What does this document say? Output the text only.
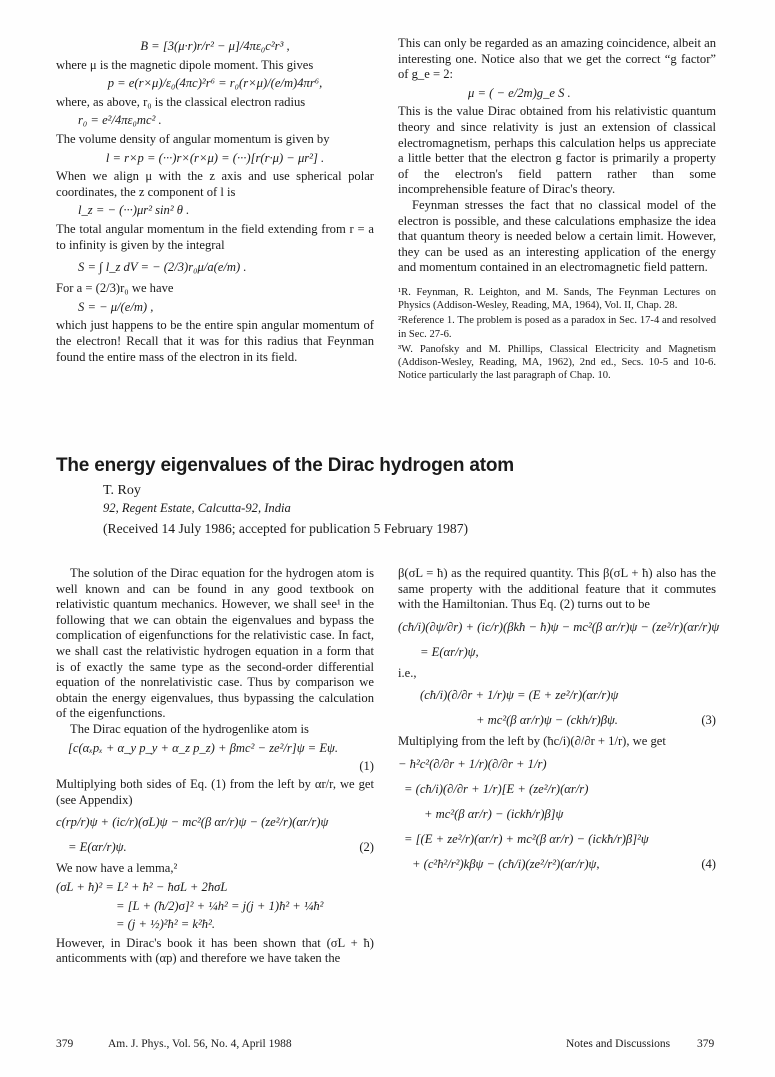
B = [3(μ·r)r/r² − μ]/4πε₀c²r³ ,

where μ is the magnetic dipole moment. This gives

p = e(r×μ)/ε₀(4πc)²r⁶ = r₀(r×μ)/(e/m)4πr⁶,

where, as above, r₀ is the classical electron radius

r₀ = e²/4πε₀mc² .

The volume density of angular momentum is given by

l = r×p = (···)r×(r×μ) = (···)[r(r·μ) − μr²] .

When we align μ with the z axis and use spherical polar coordinates, the z component of l is

l_z = − (···)μr² sin² θ .

The total angular momentum in the field extending from r = a to infinity is given by the integral

S = ∫ l_z dV = − (2/3)r₀μ/a(e/m) .

For a = (2/3)r₀ we have

S = − μ/(e/m) ,

which just happens to be the entire spin angular momentum of the electron! Recall that it was for this radius that Feynman found the entire mass of the electron in its field.

This can only be regarded as an amazing coincidence, albeit an interesting one. Notice also that we get the correct “g factor” of g_e = 2:

μ = ( − e/2m)g_e S .

This is the value Dirac obtained from his relativistic quantum theory and since relativity is just an extension of classical electromagnetism, perhaps this calculation helps us appreciate a little better that the electron g factor is primarily a property of the electron's field pattern rather than some incomprehensible feature of Dirac's theory.

Feynman stresses the fact that no classical model of the electron is possible, and these calculations emphasize the idea that quantum theory is needed below a certain limit. However, they can be used as an interesting application of the energy and momentum contained in an electromagnetic field pattern.

¹R. Feynman, R. Leighton, and M. Sands, The Feynman Lectures on Physics (Addison-Wesley, Reading, MA, 1964), Vol. II, Chap. 28.

²Reference 1. The problem is posed as a paradox in Sec. 17-4 and resolved in Sec. 27-6.

³W. Panofsky and M. Phillips, Classical Electricity and Magnetism (Addison-Wesley, Reading, MA, 1962), 2nd ed., Secs. 10-5 and 10-6. Notice particularly the last paragraph of Chap. 10.

The energy eigenvalues of the Dirac hydrogen atom
T. Roy
92, Regent Estate, Calcutta-92, India
(Received 14 July 1986; accepted for publication 5 February 1987)

The solution of the Dirac equation for the hydrogen atom is well known and can be found in any good textbook on relativistic quantum mechanics. However, we shall see¹ in the following that we can obtain the eigenvalues and bypass the complication of eigenfunctions for the relativistic case. In fact, we shall cast the relativistic hydrogen equation in a form that is of exactly the same type as the second-order differential equation of the nonrelativistic case. Thus by comparison we obtain the energy eigenvalues, thus bypassing the calculation of the eigenfunctions.

The Dirac equation of the hydrogenlike atom is

[c(αₓpₓ + α_y p_y + α_z p_z) + βmc² − ze²/r]ψ = Eψ.
(1)

Multiplying both sides of Eq. (1) from the left by αr/r, we get (see Appendix)

c(rp/r)ψ + (ic/r)(σL)ψ − mc²(β αr/r)ψ − (ze²/r)(αr/r)ψ
= E(αr/r)ψ.	(2)

We now have a lemma,²

(σL + ħ)² = L² + ħ² − ħσL + 2ħσL
= [L + (ħ/2)σ]² + ¼h² = j(j + 1)ħ² + ¼ħ²
= (j + ½)²ħ² = k²ħ².

However, in Dirac's book it has been shown that (σL + ħ) anticomments with (αp) and therefore we have taken the

β(σL = ħ) as the required quantity. This β(σL + ħ) also has the same property with the additional feature that it commutes with the Hamiltonian. Thus Eq. (2) turns out to be

(cħ/i)(∂ψ/∂r) + (ic/r)(βkħ − ħ)ψ − mc²(β αr/r)ψ − (ze²/r)(αr/r)ψ
= E(αr/r)ψ,

i.e.,

(cħ/i)(∂/∂r + 1/r)ψ = (E + ze²/r)(αr/r)ψ
+ mc²(β αr/r)ψ − (ckh/r)βψ.	(3)

Multiplying from the left by (ħc/i)(∂/∂r + 1/r), we get

− ħ²c²(∂/∂r + 1/r)(∂/∂r + 1/r)
= (cħ/i)(∂/∂r + 1/r)[E + (ze²/r)(αr/r)
+ mc²(β αr/r) − (ickħ/r)β]ψ
= [(E + ze²/r)(αr/r) + mc²(β αr/r) − (ickħ/r)β]²ψ
+ (c²ħ²/r²)kβψ − (cħ/i)(ze²/r²)(αr/r)ψ,	(4)
379	Am. J. Phys., Vol. 56, No. 4, April 1988	Notes and Discussions 379
